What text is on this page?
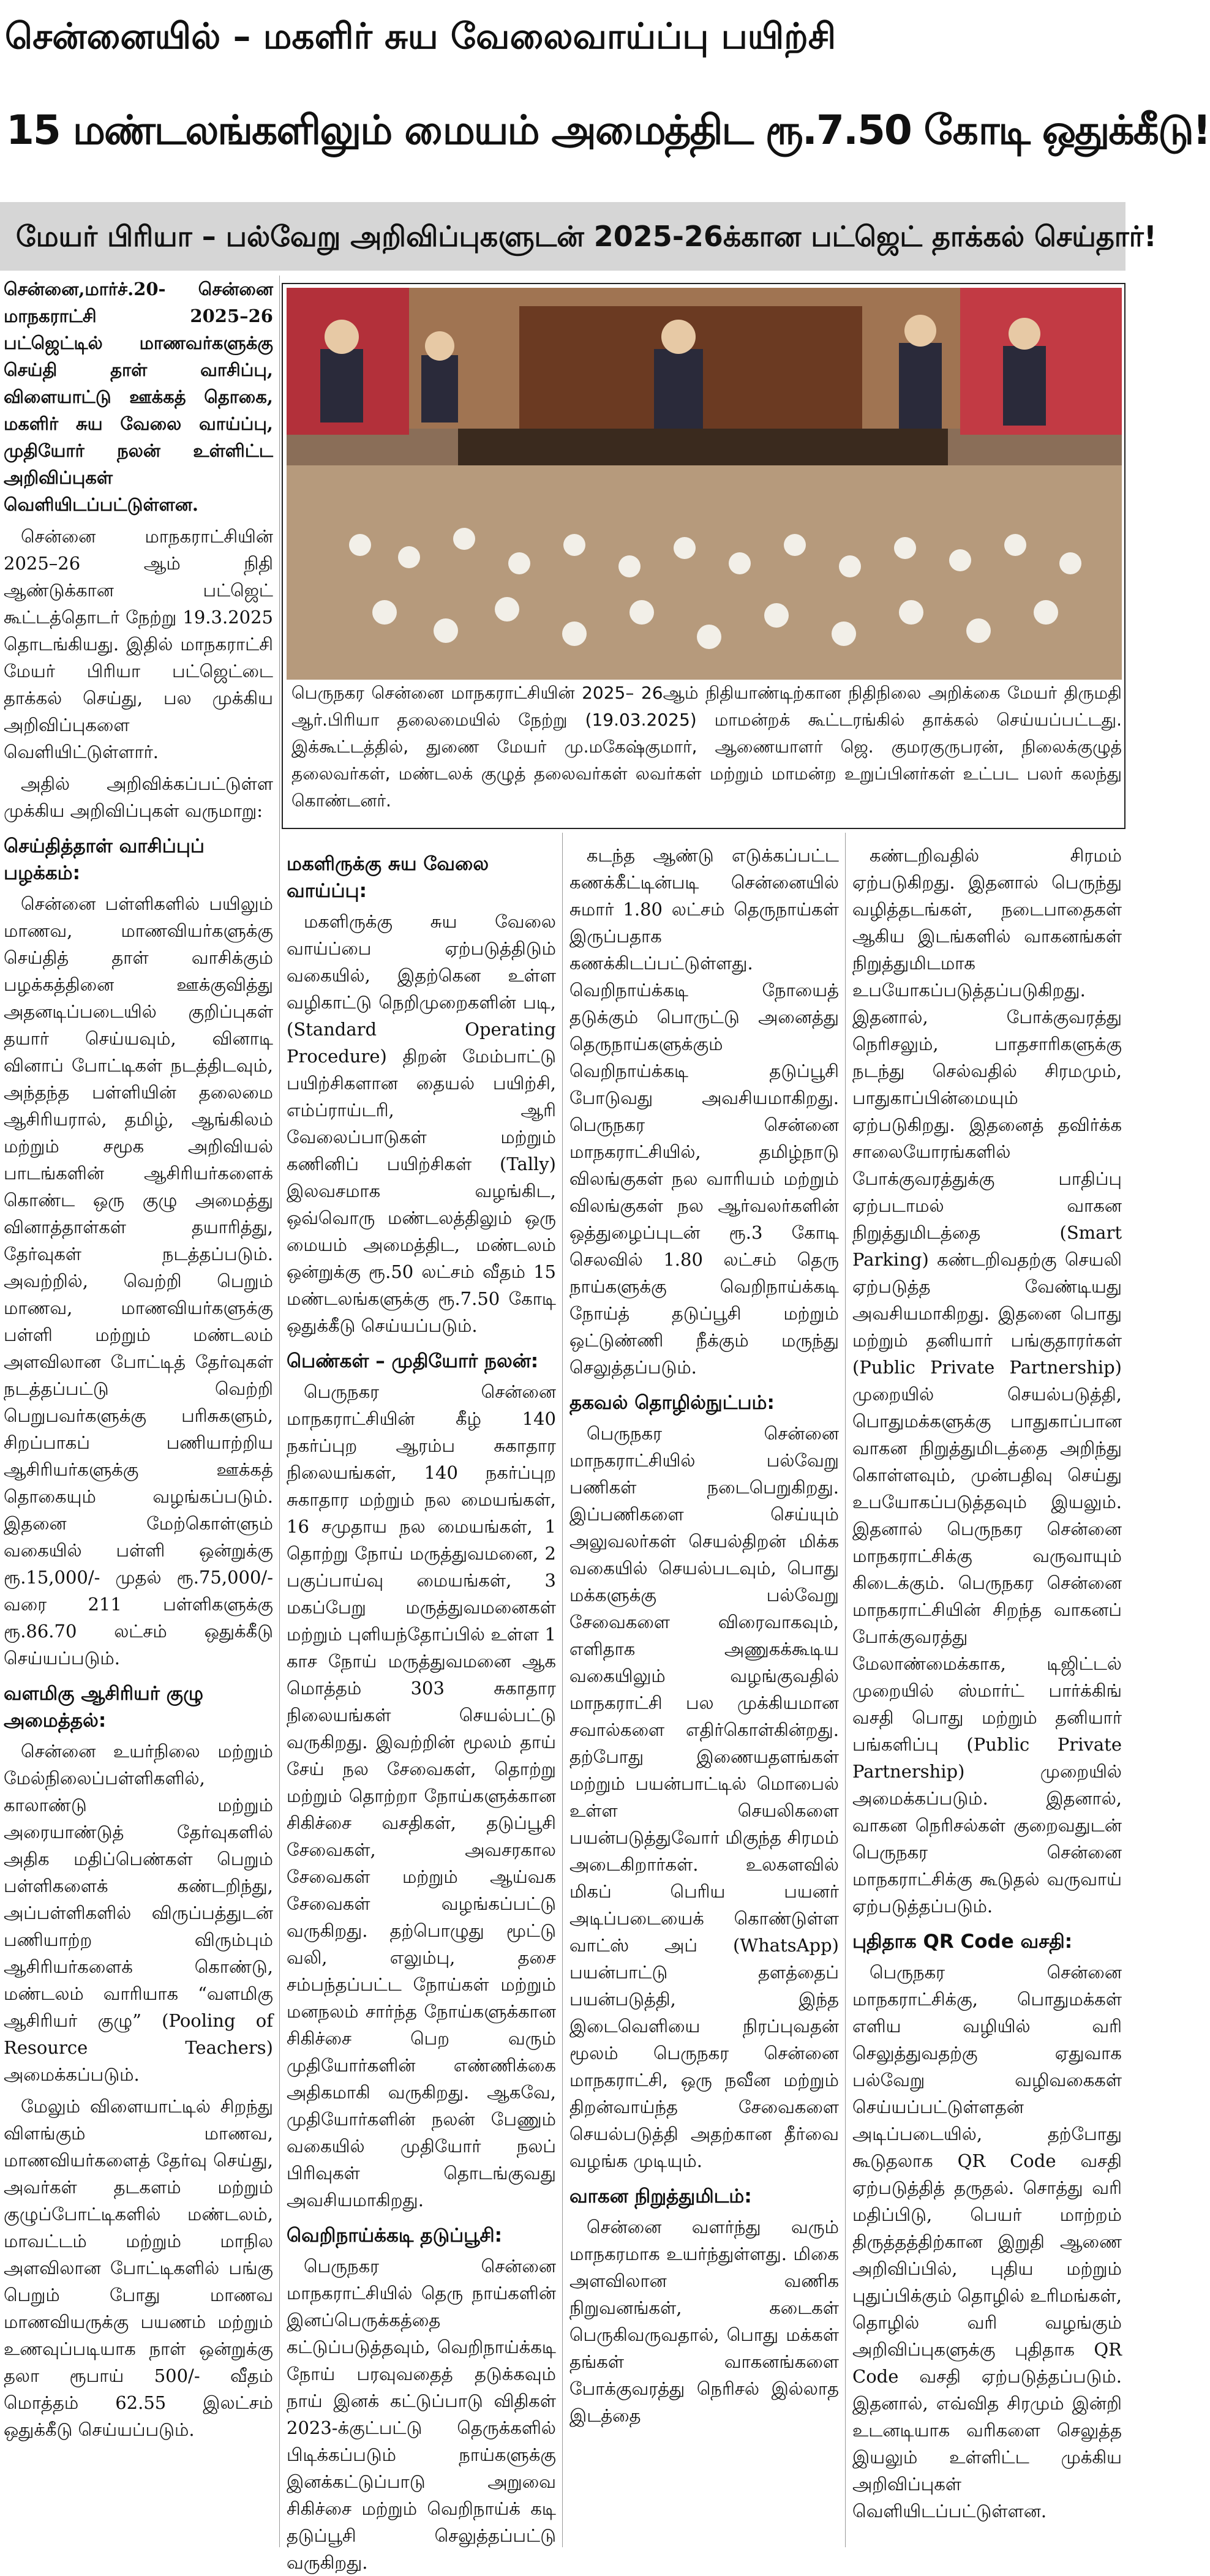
சென்னையில் – மகளிர் சுய வேலைவாய்ப்பு பயிற்சி
15 மண்டலங்களிலும் மையம் அமைத்திட ரூ.7.50 கோடி ஒதுக்கீடு!
மேயர் பிரியா – பல்வேறு அறிவிப்புகளுடன் 2025-26க்கான பட்ஜெட் தாக்கல் செய்தார்!
பெருநகர சென்னை மாநகராட்சியின் 2025– 26ஆம் நிதியாண்டிற்கான நிதிநிலை அறிக்கை மேயர் திருமதி ஆர்.பிரியா தலைமையில் நேற்று (19.03.2025) மாமன்றக் கூட்டரங்கில் தாக்கல் செய்யப்பட்டது. இக்கூட்டத்தில், துணை மேயர் மு.மகேஷ்குமார், ஆணையாளர் ஜெ. குமரகுருபரன், நிலைக்குழுத் தலைவர்கள், மண்டலக் குழுத் தலைவர்கள் லவர்கள் மற்றும் மாமன்ற உறுப்பினர்கள் உட்பட பலர் கலந்து கொண்டனர்.

சென்னை,மார்ச்.20- சென்னை மாநகராட்சி 2025–26 பட்ஜெட்டில் மாணவர்களுக்கு செய்தி தாள் வாசிப்பு, விளையாட்டு ஊக்கத் தொகை, மகளிர் சுய வேலை வாய்ப்பு, முதியோர் நலன் உள்ளிட்ட அறிவிப்புகள் வெளியிடப்பட்டுள்ளன.

சென்னை மாநகராட்சியின் 2025–26 ஆம் நிதி ஆண்டுக்கான பட்ஜெட் கூட்டத்தொடர் நேற்று 19.3.2025 தொடங்கியது. இதில் மாநகராட்சி மேயர் பிரியா பட்ஜெட்டை தாக்கல் செய்து, பல முக்கிய அறிவிப்புகளை வெளியிட்டுள்ளார்.

அதில் அறிவிக்கப்பட்டுள்ள முக்கிய அறிவிப்புகள் வருமாறு:

செய்தித்தாள் வாசிப்புப் பழக்கம்:

சென்னை பள்ளிகளில் பயிலும் மாணவ, மாணவியர்களுக்கு செய்தித் தாள் வாசிக்கும் பழக்கத்தினை ஊக்குவித்து அதனடிப்படையில் குறிப்புகள் தயார் செய்யவும், வினாடி வினாப் போட்டிகள் நடத்திடவும், அந்தந்த பள்ளியின் தலைமை ஆசிரியரால், தமிழ், ஆங்கிலம் மற்றும் சமூக அறிவியல் பாடங்களின் ஆசிரியர்களைக் கொண்ட ஒரு குழு அமைத்து வினாத்தாள்கள் தயாரித்து, தேர்வுகள் நடத்தப்படும். அவற்றில், வெற்றி பெறும் மாணவ, மாணவியர்களுக்கு பள்ளி மற்றும் மண்டலம் அளவிலான போட்டித் தேர்வுகள் நடத்தப்பட்டு வெற்றி பெறுபவர்களுக்கு பரிசுகளும், சிறப்பாகப் பணியாற்றிய ஆசிரியர்களுக்கு ஊக்கத் தொகையும் வழங்கப்படும். இதனை மேற்கொள்ளும் வகையில் பள்ளி ஒன்றுக்கு ரூ.15,000/- முதல் ரூ.75,000/-வரை 211 பள்ளிகளுக்கு ரூ.86.70 லட்சம் ஒதுக்கீடு செய்யப்படும்.

வளமிகு ஆசிரியர் குழு அமைத்தல்:

சென்னை உயர்நிலை மற்றும் மேல்நிலைப்பள்ளிகளில், காலாண்டு மற்றும் அரையாண்டுத் தேர்வுகளில் அதிக மதிப்பெண்கள் பெறும் பள்ளிகளைக் கண்டறிந்து, அப்பள்ளிகளில் விருப்பத்துடன் பணியாற்ற விரும்பும் ஆசிரியர்களைக் கொண்டு, மண்டலம் வாரியாக “வளமிகு ஆசிரியர் குழு” (Pooling of Resource Teachers) அமைக்கப்படும்.

மேலும் விளையாட்டில் சிறந்து விளங்கும் மாணவ, மாணவியர்களைத் தேர்வு செய்து, அவர்கள் தடகளம் மற்றும் குழுப்போட்டிகளில் மண்டலம், மாவட்டம் மற்றும் மாநில அளவிலான போட்டிகளில் பங்கு பெறும் போது மாணவ மாணவியருக்கு பயணம் மற்றும் உணவுப்படியாக நாள் ஒன்றுக்கு தலா ரூபாய் 500/- வீதம் மொத்தம் 62.55 இலட்சம் ஒதுக்கீடு செய்யப்படும்.

மகளிருக்கு சுய வேலை வாய்ப்பு:

மகளிருக்கு சுய வேலை வாய்ப்பை ஏற்படுத்திடும் வகையில், இதற்கென உள்ள வழிகாட்டு நெறிமுறைகளின் படி, (Standard Operating Procedure) திறன் மேம்பாட்டு பயிற்சிகளான தையல் பயிற்சி, எம்ப்ராய்டரி, ஆரி வேலைப்பாடுகள் மற்றும் கணினிப் பயிற்சிகள் (Tally) இலவசமாக வழங்கிட, ஒவ்வொரு மண்டலத்திலும் ஒரு மையம் அமைத்திட, மண்டலம் ஒன்றுக்கு ரூ.50 லட்சம் வீதம் 15 மண்டலங்களுக்கு ரூ.7.50 கோடி ஒதுக்கீடு செய்யப்படும்.

பெண்கள் – முதியோர் நலன்:

பெருநகர சென்னை மாநகராட்சியின் கீழ் 140 நகர்ப்புற ஆரம்ப சுகாதார நிலையங்கள், 140 நகர்ப்புற சுகாதார மற்றும் நல மையங்கள், 16 சமுதாய நல மையங்கள், 1 தொற்று நோய் மருத்துவமனை, 2 பகுப்பாய்வு மையங்கள், 3 மகப்பேறு மருத்துவமனைகள் மற்றும் புளியந்தோப்பில் உள்ள 1 காச நோய் மருத்துவமனை ஆக மொத்தம் 303 சுகாதார நிலையங்கள் செயல்பட்டு வருகிறது. இவற்றின் மூலம் தாய் சேய் நல சேவைகள், தொற்று மற்றும் தொற்றா நோய்களுக்கான சிகிச்சை வசதிகள், தடுப்பூசி சேவைகள், அவசரகால சேவைகள் மற்றும் ஆய்வக சேவைகள் வழங்கப்பட்டு வருகிறது. தற்பொழுது மூட்டு வலி, எலும்பு, தசை சம்பந்தப்பட்ட நோய்கள் மற்றும் மனநலம் சார்ந்த நோய்களுக்கான சிகிச்சை பெற வரும் முதியோர்களின் எண்ணிக்கை அதிகமாகி வருகிறது. ஆகவே, முதியோர்களின் நலன் பேணும் வகையில் முதியோர் நலப் பிரிவுகள் தொடங்குவது அவசியமாகிறது.

வெறிநாய்க்கடி தடுப்பூசி:

பெருநகர சென்னை மாநகராட்சியில் தெரு நாய்களின் இனப்பெருக்கத்தை கட்டுப்படுத்தவும், வெறிநாய்க்கடி நோய் பரவுவதைத் தடுக்கவும் நாய் இனக் கட்டுப்பாடு விதிகள் 2023-க்குட்பட்டு தெருக்களில் பிடிக்கப்படும் நாய்களுக்கு இனக்கட்டுப்பாடு அறுவை சிகிச்சை மற்றும் வெறிநாய்க் கடி தடுப்பூசி செலுத்தப்பட்டு வருகிறது.

கடந்த ஆண்டு எடுக்கப்பட்ட கணக்கீட்டின்படி சென்னையில் சுமார் 1.80 லட்சம் தெருநாய்கள் இருப்பதாக கணக்கிடப்பட்டுள்ளது. வெறிநாய்க்கடி நோயைத் தடுக்கும் பொருட்டு அனைத்து தெருநாய்களுக்கும் வெறிநாய்க்கடி தடுப்பூசி போடுவது அவசியமாகிறது. பெருநகர சென்னை மாநகராட்சியில், தமிழ்நாடு விலங்குகள் நல வாரியம் மற்றும் விலங்குகள் நல ஆர்வலர்களின் ஒத்துழைப்புடன் ரூ.3 கோடி செலவில் 1.80 லட்சம் தெரு நாய்களுக்கு வெறிநாய்க்கடி நோய்த் தடுப்பூசி மற்றும் ஒட்டுண்ணி நீக்கும் மருந்து செலுத்தப்படும்.

தகவல் தொழில்நுட்பம்:

பெருநகர சென்னை மாநகராட்சியில் பல்வேறு பணிகள் நடைபெறுகிறது. இப்பணிகளை செய்யும் அலுவலர்கள் செயல்திறன் மிக்க வகையில் செயல்படவும், பொது மக்களுக்கு பல்வேறு சேவைகளை விரைவாகவும், எளிதாக அணுகக்கூடிய வகையிலும் வழங்குவதில் மாநகராட்சி பல முக்கியமான சவால்களை எதிர்கொள்கின்றது. தற்போது இணையதளங்கள் மற்றும் பயன்பாட்டில் மொபைல் உள்ள செயலிகளை பயன்படுத்துவோர் மிகுந்த சிரமம் அடைகிறார்கள். உலகளவில் மிகப் பெரிய பயனர் அடிப்படையைக் கொண்டுள்ள வாட்ஸ் அப் (WhatsApp) பயன்பாட்டு தளத்தைப் பயன்படுத்தி, இந்த இடைவெளியை நிரப்புவதன் மூலம் பெருநகர சென்னை மாநகராட்சி, ஒரு நவீன மற்றும் திறன்வாய்ந்த சேவைகளை செயல்படுத்தி அதற்கான தீர்வை வழங்க முடியும்.

வாகன நிறுத்துமிடம்:

சென்னை வளர்ந்து வரும் மாநகரமாக உயர்ந்துள்ளது. மிகை அளவிலான வணிக நிறுவனங்கள், கடைகள் பெருகிவருவதால், பொது மக்கள் தங்கள் வாகனங்களை போக்குவரத்து நெரிசல் இல்லாத இடத்தை

கண்டறிவதில் சிரமம் ஏற்படுகிறது. இதனால் பெருந்து வழித்தடங்கள், நடைபாதைகள் ஆகிய இடங்களில் வாகனங்கள் நிறுத்துமிடமாக உபயோகப்படுத்தப்படுகிறது. இதனால், போக்குவரத்து நெரிசலும், பாதசாரிகளுக்கு நடந்து செல்வதில் சிரமமும், பாதுகாப்பின்மையும் ஏற்படுகிறது. இதனைத் தவிர்க்க சாலையோரங்களில் போக்குவரத்துக்கு பாதிப்பு ஏற்படாமல் வாகன நிறுத்துமிடத்தை (Smart Parking) கண்டறிவதற்கு செயலி ஏற்படுத்த வேண்டியது அவசியமாகிறது. இதனை பொது மற்றும் தனியார் பங்குதாரர்கள் (Public Private Partnership) முறையில் செயல்படுத்தி, பொதுமக்களுக்கு பாதுகாப்பான வாகன நிறுத்துமிடத்தை அறிந்து கொள்ளவும், முன்பதிவு செய்து உபயோகப்படுத்தவும் இயலும். இதனால் பெருநகர சென்னை மாநகராட்சிக்கு வருவாயும் கிடைக்கும். பெருநகர சென்னை மாநகராட்சியின் சிறந்த வாகனப் போக்குவரத்து மேலாண்மைக்காக, டிஜிட்டல் முறையில் ஸ்மார்ட் பார்க்கிங் வசதி பொது மற்றும் தனியார் பங்களிப்பு (Public Private Partnership) முறையில் அமைக்கப்படும். இதனால், வாகன நெரிசல்கள் குறைவதுடன் பெருநகர சென்னை மாநகராட்சிக்கு கூடுதல் வருவாய் ஏற்படுத்தப்படும்.

புதிதாக QR Code வசதி:

பெருநகர சென்னை மாநகராட்சிக்கு, பொதுமக்கள் எளிய வழியில் வரி செலுத்துவதற்கு ஏதுவாக பல்வேறு வழிவகைகள் செய்யப்பட்டுள்ளதன் அடிப்படையில், தற்போது கூடுதலாக QR Code வசதி ஏற்படுத்தித் தருதல். சொத்து வரி மதிப்பிடு, பெயர் மாற்றம் திருத்தத்திற்கான இறுதி ஆணை அறிவிப்பில், புதிய மற்றும் புதுப்பிக்கும் தொழில் உரிமங்கள், தொழில் வரி வழங்கும் அறிவிப்புகளுக்கு புதிதாக QR Code வசதி ஏற்படுத்தப்படும். இதனால், எவ்வித சிரமும் இன்றி உடனடியாக வரிகளை செலுத்த இயலும் உள்ளிட்ட முக்கிய அறிவிப்புகள் வெளியிடப்பட்டுள்ளன.
